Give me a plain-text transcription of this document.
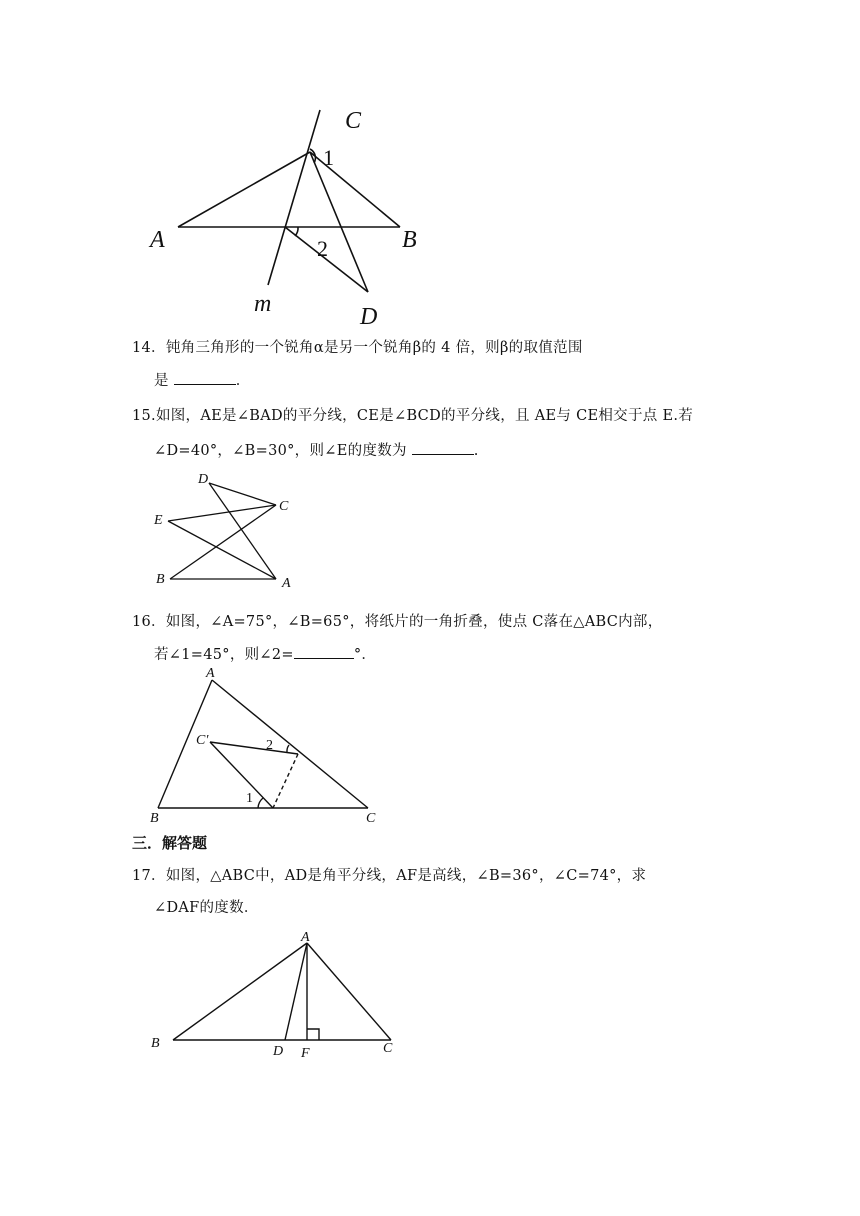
C
1
A	B
2
m	D
14．钝角三角形的一个锐角α是另一个锐角β的 4 倍，则β的取值范围
是	．
15.如图，AE是∠BAD的平分线，CE是∠BCD的平分线，且 AE与 CE相交于点 E.若
∠D=40°，∠B=30°，则∠E的度数为	.
D
C
E
B	A
16．如图，∠A=75°，∠B=65°，将纸片的一角折叠，使点 C落在△ABC内部，
若∠1=45°，则∠2=	°．
A
C′	2
1
B	C
三．解答题
17．如图，△ABC中，AD是角平分线，AF是高线，∠B=36°，∠C=74°，求
∠DAF的度数．
A
B
D F	C
